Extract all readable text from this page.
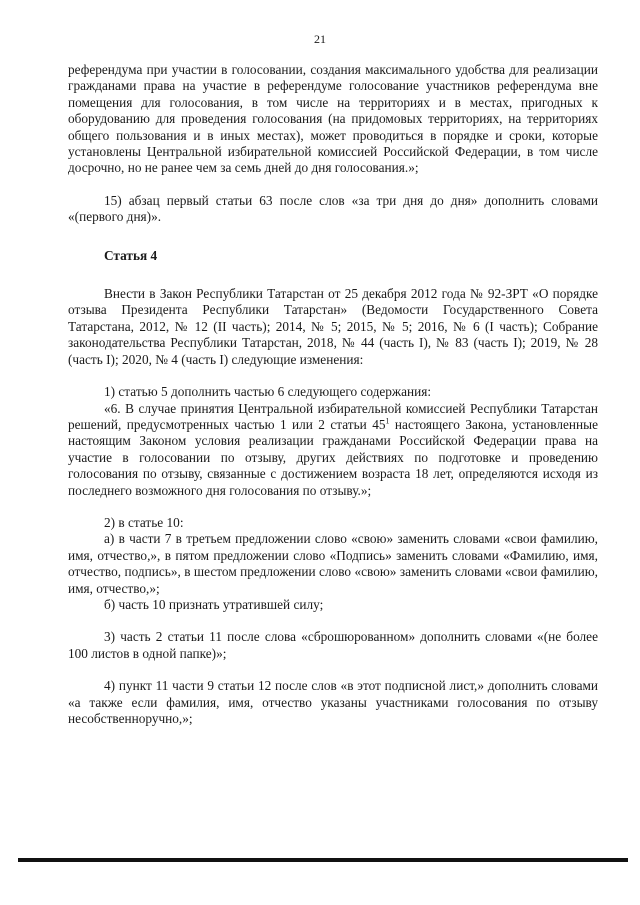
21

референдума при участии в голосовании, создания максимального удобства для реализации гражданами права на участие в референдуме голосование участников референдума вне помещения для голосования, в том числе на территориях и в местах, пригодных к оборудованию для проведения голосования (на придомовых территориях, на территориях общего пользования и в иных местах), может проводиться в порядке и сроки, которые установлены Центральной избирательной комиссией Российской Федерации, в том числе досрочно, но не ранее чем за семь дней до дня голосования.»;

15) абзац первый статьи 63 после слов «за три дня до дня» дополнить словами «(первого дня)».

Статья 4

Внести в Закон Республики Татарстан от 25 декабря 2012 года № 92-ЗРТ «О порядке отзыва Президента Республики Татарстан» (Ведомости Государственного Совета Татарстана, 2012, № 12 (II часть); 2014, № 5; 2015, № 5; 2016, № 6 (I часть); Собрание законодательства Республики Татарстан, 2018, № 44 (часть I), № 83 (часть I); 2019, № 28 (часть I); 2020, № 4 (часть I) следующие изменения:

1) статью 5 дополнить частью 6 следующего содержания:

«6. В случае принятия Центральной избирательной комиссией Республики Татарстан решений, предусмотренных частью 1 или 2 статьи $45^1$ настоящего Закона, установленные настоящим Законом условия реализации гражданами Российской Федерации права на участие в голосовании по отзыву, других действиях по подготовке и проведению голосования по отзыву, связанные с достижением возраста 18 лет, определяются исходя из последнего возможного дня голосования по отзыву.»;

2) в статье 10:

а) в части 7 в третьем предложении слово «свою» заменить словами «свои фамилию, имя, отчество,», в пятом предложении слово «Подпись» заменить словами «Фамилию, имя, отчество, подпись», в шестом предложении слово «свою» заменить словами «свои фамилию, имя, отчество,»;

б) часть 10 признать утратившей силу;

3) часть 2 статьи 11 после слова «сброшюрованном» дополнить словами «(не более 100 листов в одной папке)»;

4) пункт 11 части 9 статьи 12 после слов «в этот подписной лист,» дополнить словами «а также если фамилия, имя, отчество указаны участниками голосования по отзыву несобственноручно,»;
